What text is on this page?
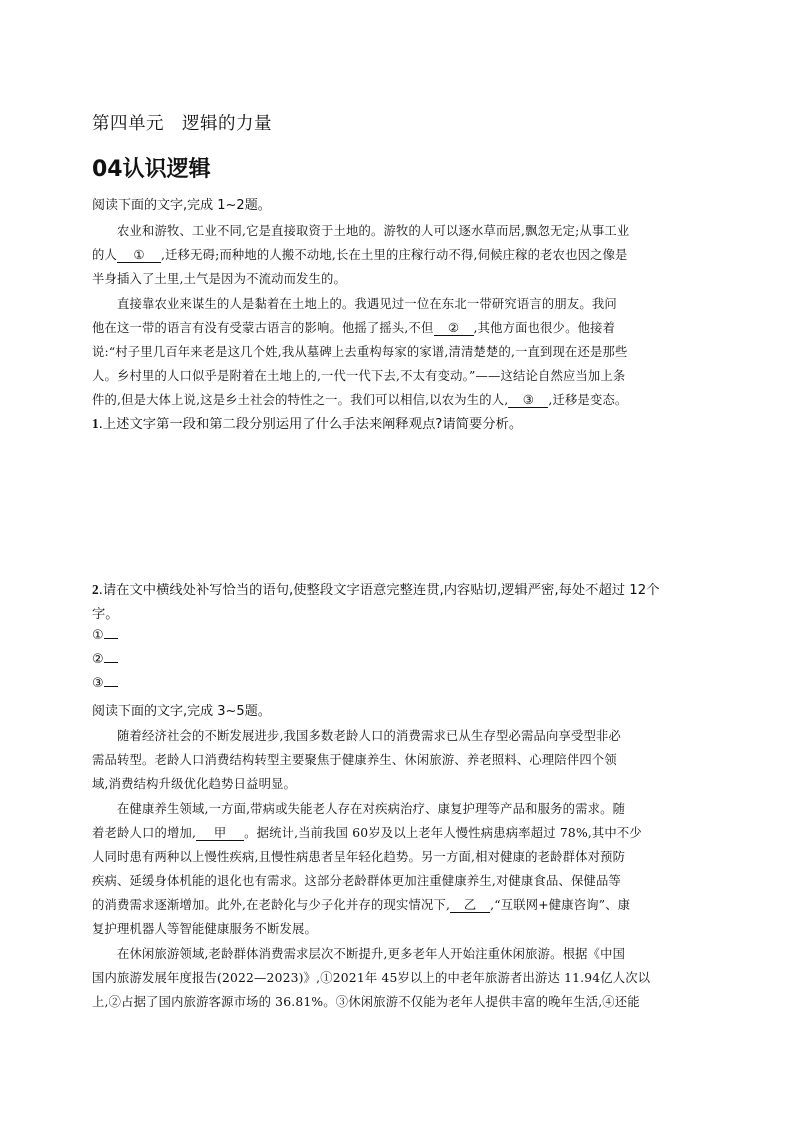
第四单元　逻辑的力量
04认识逻辑
阅读下面的文字,完成 1~2题。
　　农业和游牧、工业不同,它是直接取资于土地的。游牧的人可以逐水草而居,飘忽无定;从事工业
的人 ① ,迁移无碍;而种地的人搬不动地,长在土里的庄稼行动不得,伺候庄稼的老农也因之像是
半身插入了土里,土气是因为不流动而发生的。
　　直接靠农业来谋生的人是黏着在土地上的。我遇见过一位在东北一带研究语言的朋友。我问
他在这一带的语言有没有受蒙古语言的影响。他摇了摇头,不但 ② ,其他方面也很少。他接着
说:“村子里几百年来老是这几个姓,我从墓碑上去重构每家的家谱,清清楚楚的,一直到现在还是那些
人。乡村里的人口似乎是附着在土地上的,一代一代下去,不太有变动。”——这结论自然应当加上条
件的,但是大体上说,这是乡土社会的特性之一。我们可以相信,以农为生的人, ③ ,迁移是变态。
1.上述文字第一段和第二段分别运用了什么手法来阐释观点?请简要分析。
2.请在文中横线处补写恰当的语句,使整段文字语意完整连贯,内容贴切,逻辑严密,每处不超过 12个
字。
①
②
③
阅读下面的文字,完成 3~5题。
　　随着经济社会的不断发展进步,我国多数老龄人口的消费需求已从生存型必需品向享受型非必
需品转型。老龄人口消费结构转型主要聚焦于健康养生、休闲旅游、养老照料、心理陪伴四个领
域,消费结构升级优化趋势日益明显。
　　在健康养生领域,一方面,带病或失能老人存在对疾病治疗、康复护理等产品和服务的需求。随
着老龄人口的增加, 甲 。据统计,当前我国 60岁及以上老年人慢性病患病率超过 78%,其中不少
人同时患有两种以上慢性疾病,且慢性病患者呈年轻化趋势。另一方面,相对健康的老龄群体对预防
疾病、延缓身体机能的退化也有需求。这部分老龄群体更加注重健康养生,对健康食品、保健品等
的消费需求逐渐增加。此外,在老龄化与少子化并存的现实情况下, 乙 ,“互联网+健康咨询”、康
复护理机器人等智能健康服务不断发展。
　　在休闲旅游领域,老龄群体消费需求层次不断提升,更多老年人开始注重休闲旅游。根据《中国
国内旅游发展年度报告(2022—2023)》,①2021年 45岁以上的中老年旅游者出游达 11.94亿人次以
上,②占据了国内旅游客源市场的 36.81%。③休闲旅游不仅能为老年人提供丰富的晚年生活,④还能
